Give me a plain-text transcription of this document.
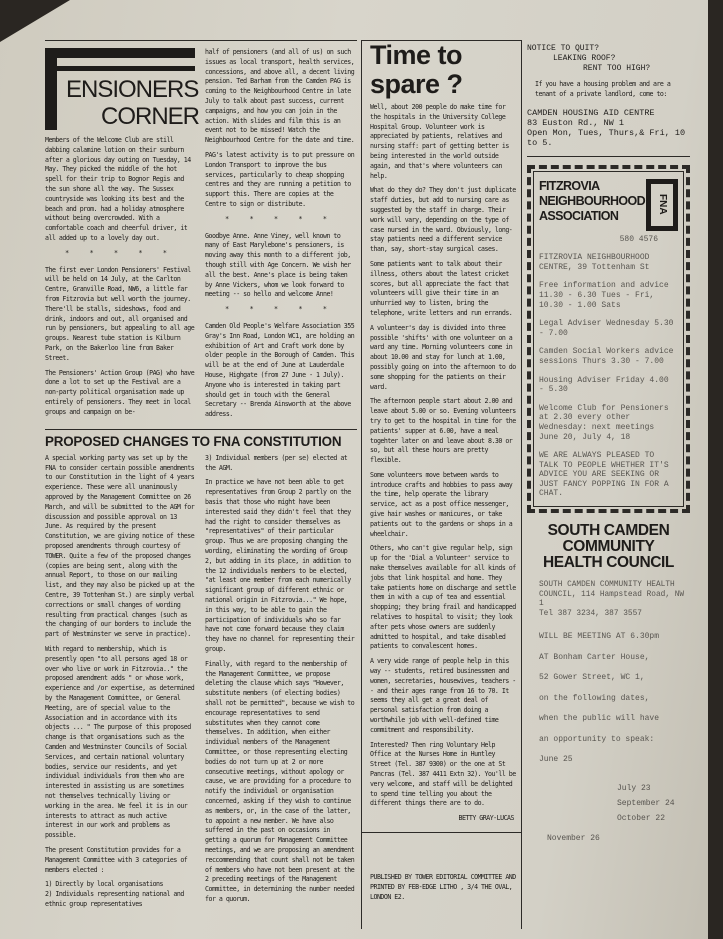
ENSIONERS
CORNER

Members of the Welcome Club are still dabbing calamine lotion on their sunburn after a glorious day outing on Tuesday, 14 May. They picked the middle of the hot spell for their trip to Bognor Regis and the sun shone all the way. The Sussex countryside was looking its best and the beach and prom. had a holiday atmosphere without being overcrowded. With a comfortable coach and cheerful driver, it all added up to a lovely day out.

* * * * *

The first ever London Pensioners' Festival will be held on 14 July, at the Carlton Centre, Granville Road, NW6, a little far from Fitzrovia but well worth the journey. There'll be stalls, sideshows, food and drink, indoors and out, all organised and run by pensioners, but appealing to all age groups. Nearest tube station is Kilburn Park, on the Bakerloo line from Baker Street.

The Pensioners' Action Group (PAG) who have done a lot to set up the Festival are a non-party political organisation made up entirely of pensioners. They meet in local groups and campaign on be-

half of pensioners (and all of us) on such issues as local transport, health services, concessions, and above all, a decent living pension. Ted Barham from the Camden PAG is coming to the Neighbourhood Centre in late July to talk about past success, current campaigns, and how you can join in the action. With slides and film this is an event not to be missed! Watch the Neighbourhood Centre for the date and time.

PAG's latest activity is to put pressure on London Transport to improve the bus services, particularly to cheap shopping centres and they are running a petition to support this. There are copies at the Centre to sign or distribute.

* * * * *

Goodbye Anne. Anne Viney, well known to many of East Marylebone's pensioners, is moving away this month to a different job, though still with Age Concern. We wish her all the best. Anne's place is being taken by Anne Vickers, whom we look forward to meeting -- so hello and welcome Anne!

* * * * *

Camden Old People's Welfare Association 355 Gray's Inn Road, London WC1, are holding an exhibition of Art and Craft work done by older people in the Borough of Camden. This will be at the end of June at Lauderdale House, Highgate (from 27 June - 1 July). Anyone who is interested in taking part should get in touch with the General Secretary -- Brenda Ainsworth at the above address.

PROPOSED CHANGES TO FNA CONSTITUTION

A special working party was set up by the FNA to consider certain possible amendments to our Constitution in the light of 4 years experience. These were all unanimously approved by the Management Committee on 26 March, and will be submitted to the AGM for discussion and possible approval on 13 June. As required by the present Constitution, we are giving notice of these proposed amendments through courtesy of TOWER. Quite a few of the proposed changes (copies are being sent, along with the annual Report, to those on our mailing list, and they may also be picked up at the Centre, 39 Tottenham St.) are simply verbal corrections or small changes of wording resulting from practical changes (such as the changing of our borders to include the part of Westminster we serve in practice).

With regard to membership, which is presently open "to all persons aged 18 or over who live or work in Fitzrovia.." the proposed amendment adds " or whose work, experience and /or expertise, as determined by the Management Committee, or General Meeting, are of special value to the Association and in accordance with its objects ... " The purpose of this proposed change is that organisations such as the Camden and Westminster Councils of Social Services, and certain national voluntary bodies, service our residents, and yet individual individuals from them who are interested in assisting us are sometimes not themselves technically living or working in the area. We feel it is in our interests to attract as much active interest in our work and problems as possible.

The present Constitution provides for a Management Committee with 3 categories of members elected :

1) Directly by local organisations
2) Individuals representing national and ethnic group representatives

3) Individual members (per se) elected at the AGM.

In practice we have not been able to get representatives from Group 2 partly on the basis that those who might have been interested said they didn't feel that they had the right to consider themselves as "representatives" of their particular group. Thus we are proposing changing the wording, eliminating the wording of Group 2, but adding in its place, in addition to the 12 individuals members to be elected, "at least one member from each numerically significant group of different ethnic or national origin in Fitzrovia..." We hope, in this way, to be able to gain the participation of individuals who so far have not come forward because they claim they have no channel for representing their group.

Finally, with regard to the membership of the Management Committee, we propose deleting the clause which says "However, substitute members (of electing bodies) shall not be permitted", because we wish to encourage representatives to send substitutes when they cannot come themselves. In addition, when either individual members of the Management Committee, or those representing electing bodies do not turn up at 2 or more consecutive meetings, without apology or cause, we are providing for a procedure to notify the individual or organisation concerned, asking if they wish to continue as members, or, in the case of the latter, to appoint a new member. We have also suffered in the past on occasions in getting a quorum for Management Committee meetings, and we are proposing an amendment reccommending that count shall not be taken of members who have not been present at the 2 preceding meetings of the Management Committee, in determining the number needed for a quorum.

Time to
spare ?

Well, about 200 people do make time for the hospitals in the University College Hospital Group. Volunteer work is appreciated by patients, relatives and nursing staff: part of getting better is being interested in the world outside again, and that's where volunteers can help.

What do they do? They don't just duplicate staff duties, but add to nursing care as suggested by the staff in charge. Their work will vary, depending on the type of case nursed in the ward. Obviously, long-stay patients need a different service than, say, short-stay surgical cases.

Some patients want to talk about their illness, others about the latest cricket scores, but all appreciate the fact that volunteers will give their time in an unhurried way to listen, bring the telephone, write letters and run errands.

A volunteer's day is divided into three possible 'shifts' with one volunteer on a ward any time. Morning volunteers come in about 10.00 and stay for lunch at 1.00, possibly going on into the afternoon to do some shopping for the patients on their ward.

The afternoon people start about 2.00 and leave about 5.00 or so. Evening volunteers try to get to the hospital in time for the patients' supper at 6.00, have a meal togehter later on and leave about 8.30 or so, but all these hours are pretty flexible.

Some volunteers move between wards to introduce crafts and hobbies to pass away the time, help operate the library service, act as a post office messenger, give hair washes or manicures, or take patients out to the gardens or shops in a wheelchair.

Others, who can't give regular help, sign up for the 'Dial a Volunteer' service to make themselves available for all kinds of jobs that link hospital and home. They take patients home on discharge and settle them in with a cup of tea and essential shopping; they bring frail and handicapped relatives to hospital to visit; they look after pets whose owners are suddenly admitted to hospital, and take disabled patients to convalescent homes.

A very wide range of people help in this way -- students, retired businessmen and women, secretaries, housewives, teachers -- and their ages range from 16 to 70. It seems they all get a great deal of personal satisfaction from doing a worthwhile job with well-defined time commitment and responsibility.

Interested? Then ring Voluntary Help Office at the Nurses Home in Huntley Street (Tel. 387 9300) or the one at St Pancras (Tel. 387 4411 Extn 32). You'll be very welcome, and staff will be delighted to spend time telling you about the different things there are to do.

BETTY GRAY-LUCAS
PUBLISHED BY TOWER EDITORIAL COMMITTEE AND PRINTED BY FEB-EDGE LITHO , 3/4 THE OVAL, LONDON E2.
NOTICE TO QUIT?
LEAKING ROOF?
RENT TOO HIGH?
If you have a housing problem and are a tenant of a private landlord, come to:
CAMDEN HOUSING AID CENTRE
83 Euston Rd., NW 1
Open Mon, Tues, Thurs,& Fri, 10 to 5.
FITZROVIA
NEIGHBOURHOOD
ASSOCIATION
FNA
580 4576
FITZROVIA NEIGHBOURHOOD CENTRE, 39 Tottenham St
Free information and advice 11.30 - 6.30 Tues - Fri, 10.30 - 1.00 Sats
Legal Adviser Wednesday 5.30 - 7.00
Camden Social Workers advice sessions Thurs 3.30 - 7.00
Housing Adviser Friday 4.00 - 5.30
Welcome Club for Pensioners at 2.30 every other Wednesday: next meetings June 20, July 4, 18
WE ARE ALWAYS PLEASED TO TALK TO PEOPLE WHETHER IT'S ADVICE YOU ARE SEEKING OR JUST FANCY POPPING IN FOR A CHAT.
SOUTH CAMDEN
COMMUNITY
HEALTH COUNCIL
SOUTH CAMDEN COMMUNITY HEALTH COUNCIL, 114 Hampstead Road, NW 1
Tel 387 3234, 387 3557
WILL BE MEETING AT 6.30pm
AT Bonham Carter House,
52 Gower Street, WC 1,
on the following dates,
when the public will have
an opportunity to speak:
June 25
July 23
September 24
October 22
November 26
